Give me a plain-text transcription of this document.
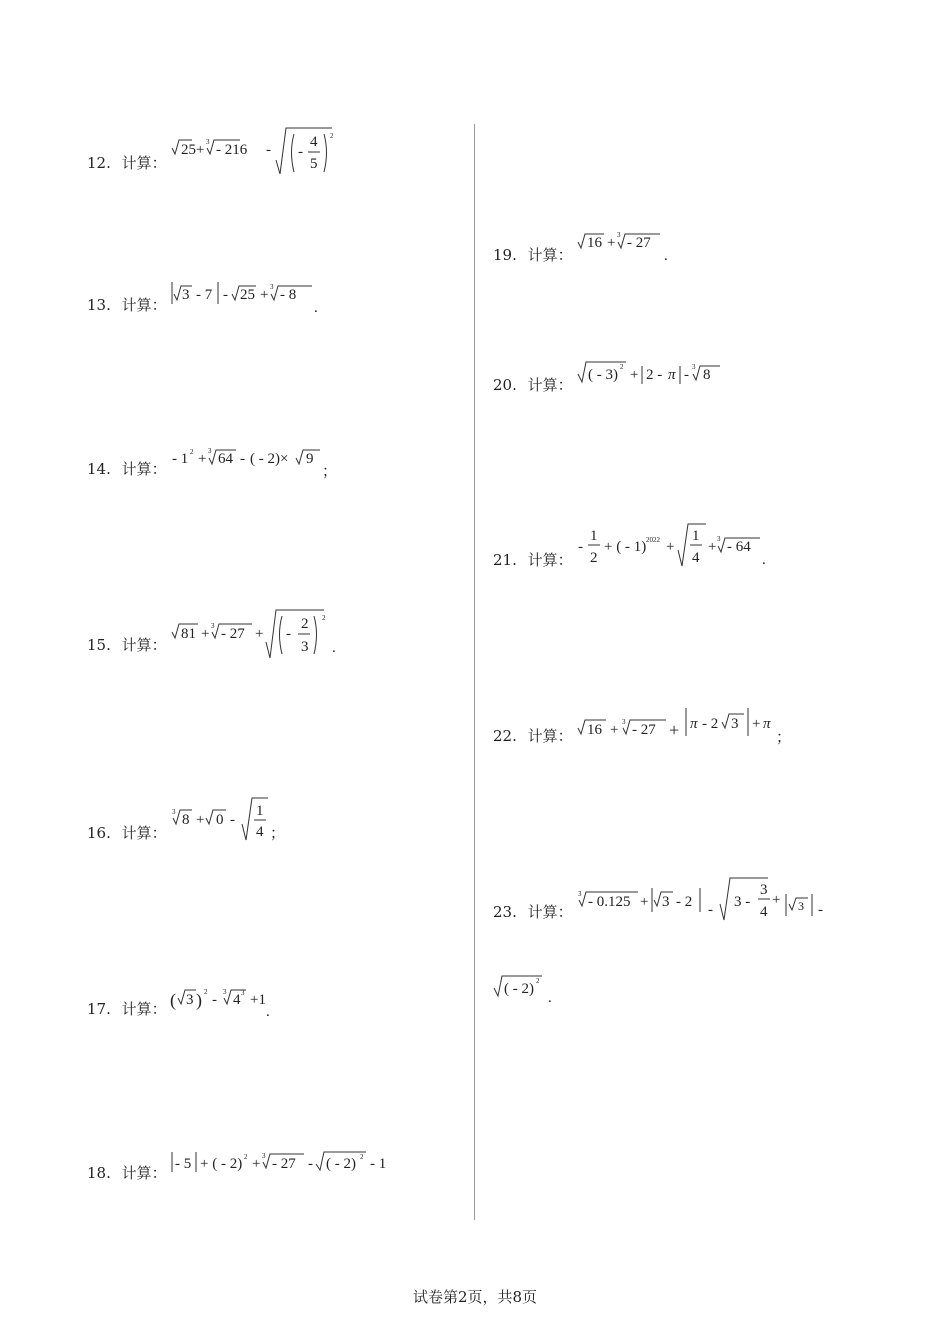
12. 计算：
25 + 3 - 216 - -
4
5
2
13. 计算：
3 - 7 - 25 + 3 - 8
.
14. 计算：
- 1 2 + 3 64 - ( - 2)× 9
；
15. 计算：
81 + 3 - 27 + -
2
3
2
.
16. 计算：
3 8 + 0 -
1
4 ；
17. 计算： ( 3 ) 2 - 3 4 3 +1
.
18. 计算： - 5 + ( - 2) 2 + 3 - 27 - ( - 2) 2 - 1
19. 计算：
16 + 3 - 27
.
20. 计算：
( - 3) 2 + 2 - π - 3 8
21. 计算：
-
1
2
+ ( - 1) 2022 +
1
4
+ 3 - 64
.
22. 计算： 16 + 3 - 27 + π - 2 3 + π
；
23. 计算：
3 - 0.125 + 3 - 2 - 3 -
3
4
+ 3 -
( - 2) 2
.
试卷第2页，共8页
